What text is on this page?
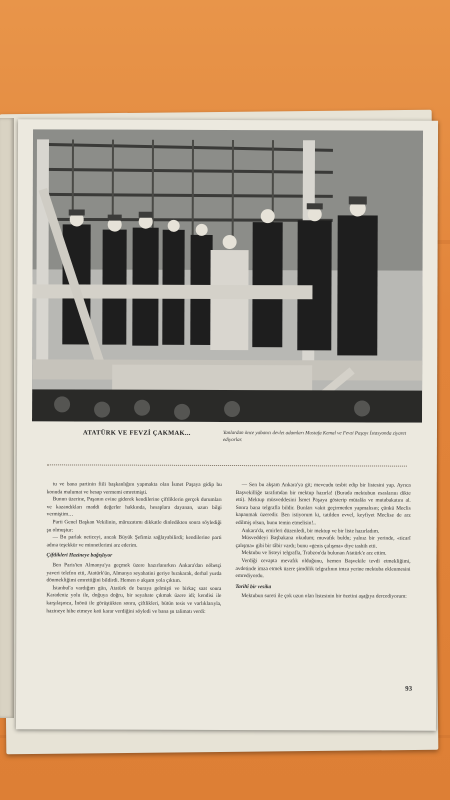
ATATÜRK VE FEVZİ ÇAKMAK...	Yanlardan önce yabancı devlet adamları Mustafa Kemal ve Fevzi Paşayı İstasyonda ziyaret ediyorlar.

tu ve bana partinin fiili başkanlığını yapmakta olan İsmet Paşaya gidip bu konuda malumat ve hesap vermemi emretmişti.

Bunun üzerine, Paşanın evine giderek kendilerine çiftliklerin gerçek durumları ve kazandıkları maddi değerler hakkında, hesaplara dayanan, uzun bilgi vermiştim…

Parti Genel Başkan Vekilinin, mâruzatımı dikkatle dinledikten sonra söylediği şu olmuştur:

— Bu parlak neticeyi, ancak Büyük Şefimiz sağlayabilirdi; kendilerine parti adına teşekkür ve minnetlerimi arz ederim.

Çiftlikleri Hazineye bağışlıyor

Ben Paris'ten Almanya'ya geçmek üzere hazırlanırken Ankara'dan nöbetçi yaveri telefon etti, Atatürk'ün, Almanya seyahatini geriye bırakarak, derhal yurda dönmekliğimi emrettiğini bildirdi. Hemen o akşam yola çıktım.

İstanbul'a vardığım gün, Atatürk de buraya gelmişti ve birkaç saat sonra Karadeniz yolu ile, doğuya doğru, bir seyahate çıkmak üzere idi; kendisi ile karşılaşınca, İnönü ile görüştükten sonra, çiftlikleri, bütün tesis ve varlıklarıyla, hazineye hibe etmeye kati karar verdiğini söyledi ve bana şu talimatı verdi:

— Sen bu akşam Ankara'ya git; mevcudu tesbit edip bir listesini yap. Ayrıca Başvekilliğe tarafımdan bir mektup hazırla! (Burada mektubun esaslarını dikte etti). Mektup müsveddesini İsmet Paşaya gösterip mütalâa ve mutabakatını al. Sonra bana telgrafla bildir. Bunları vakit geçirmeden yapmalısın; çünkü Meclis kapanmak üzeredir. Ben istiyorum ki, tatilden evvel, keyfiyet Meclise de arz edilmiş olsun, bunu temin etmelisin!..

Ankara'da, emirleri düzenledi, bir mektup ve bir liste hazırladım.

Müsveddeyi Başbakana okudum; muvafık buldu; yalnız bir yerinde, «ticarî çalışma» gibi bir tâbir vardı; bunu «genis çalışma» diye tashih etti.

Mektubu ve listeyi telgrafla, Trabzon'da bulunan Atatürk'e arz ettim.

Verdiği cevapta mevafık olduğunu, hemen Başvekile tevdi etmekliğimi, avdetinde imza etmek üzere şimdilik telgrafının imza yerine mektuba eklenmesini emrediyordu.

Tarihî bir vesika

Mektubun sureti ile çok uzun olan listesinin bir özetini aşağıya dercediyorum:

93
